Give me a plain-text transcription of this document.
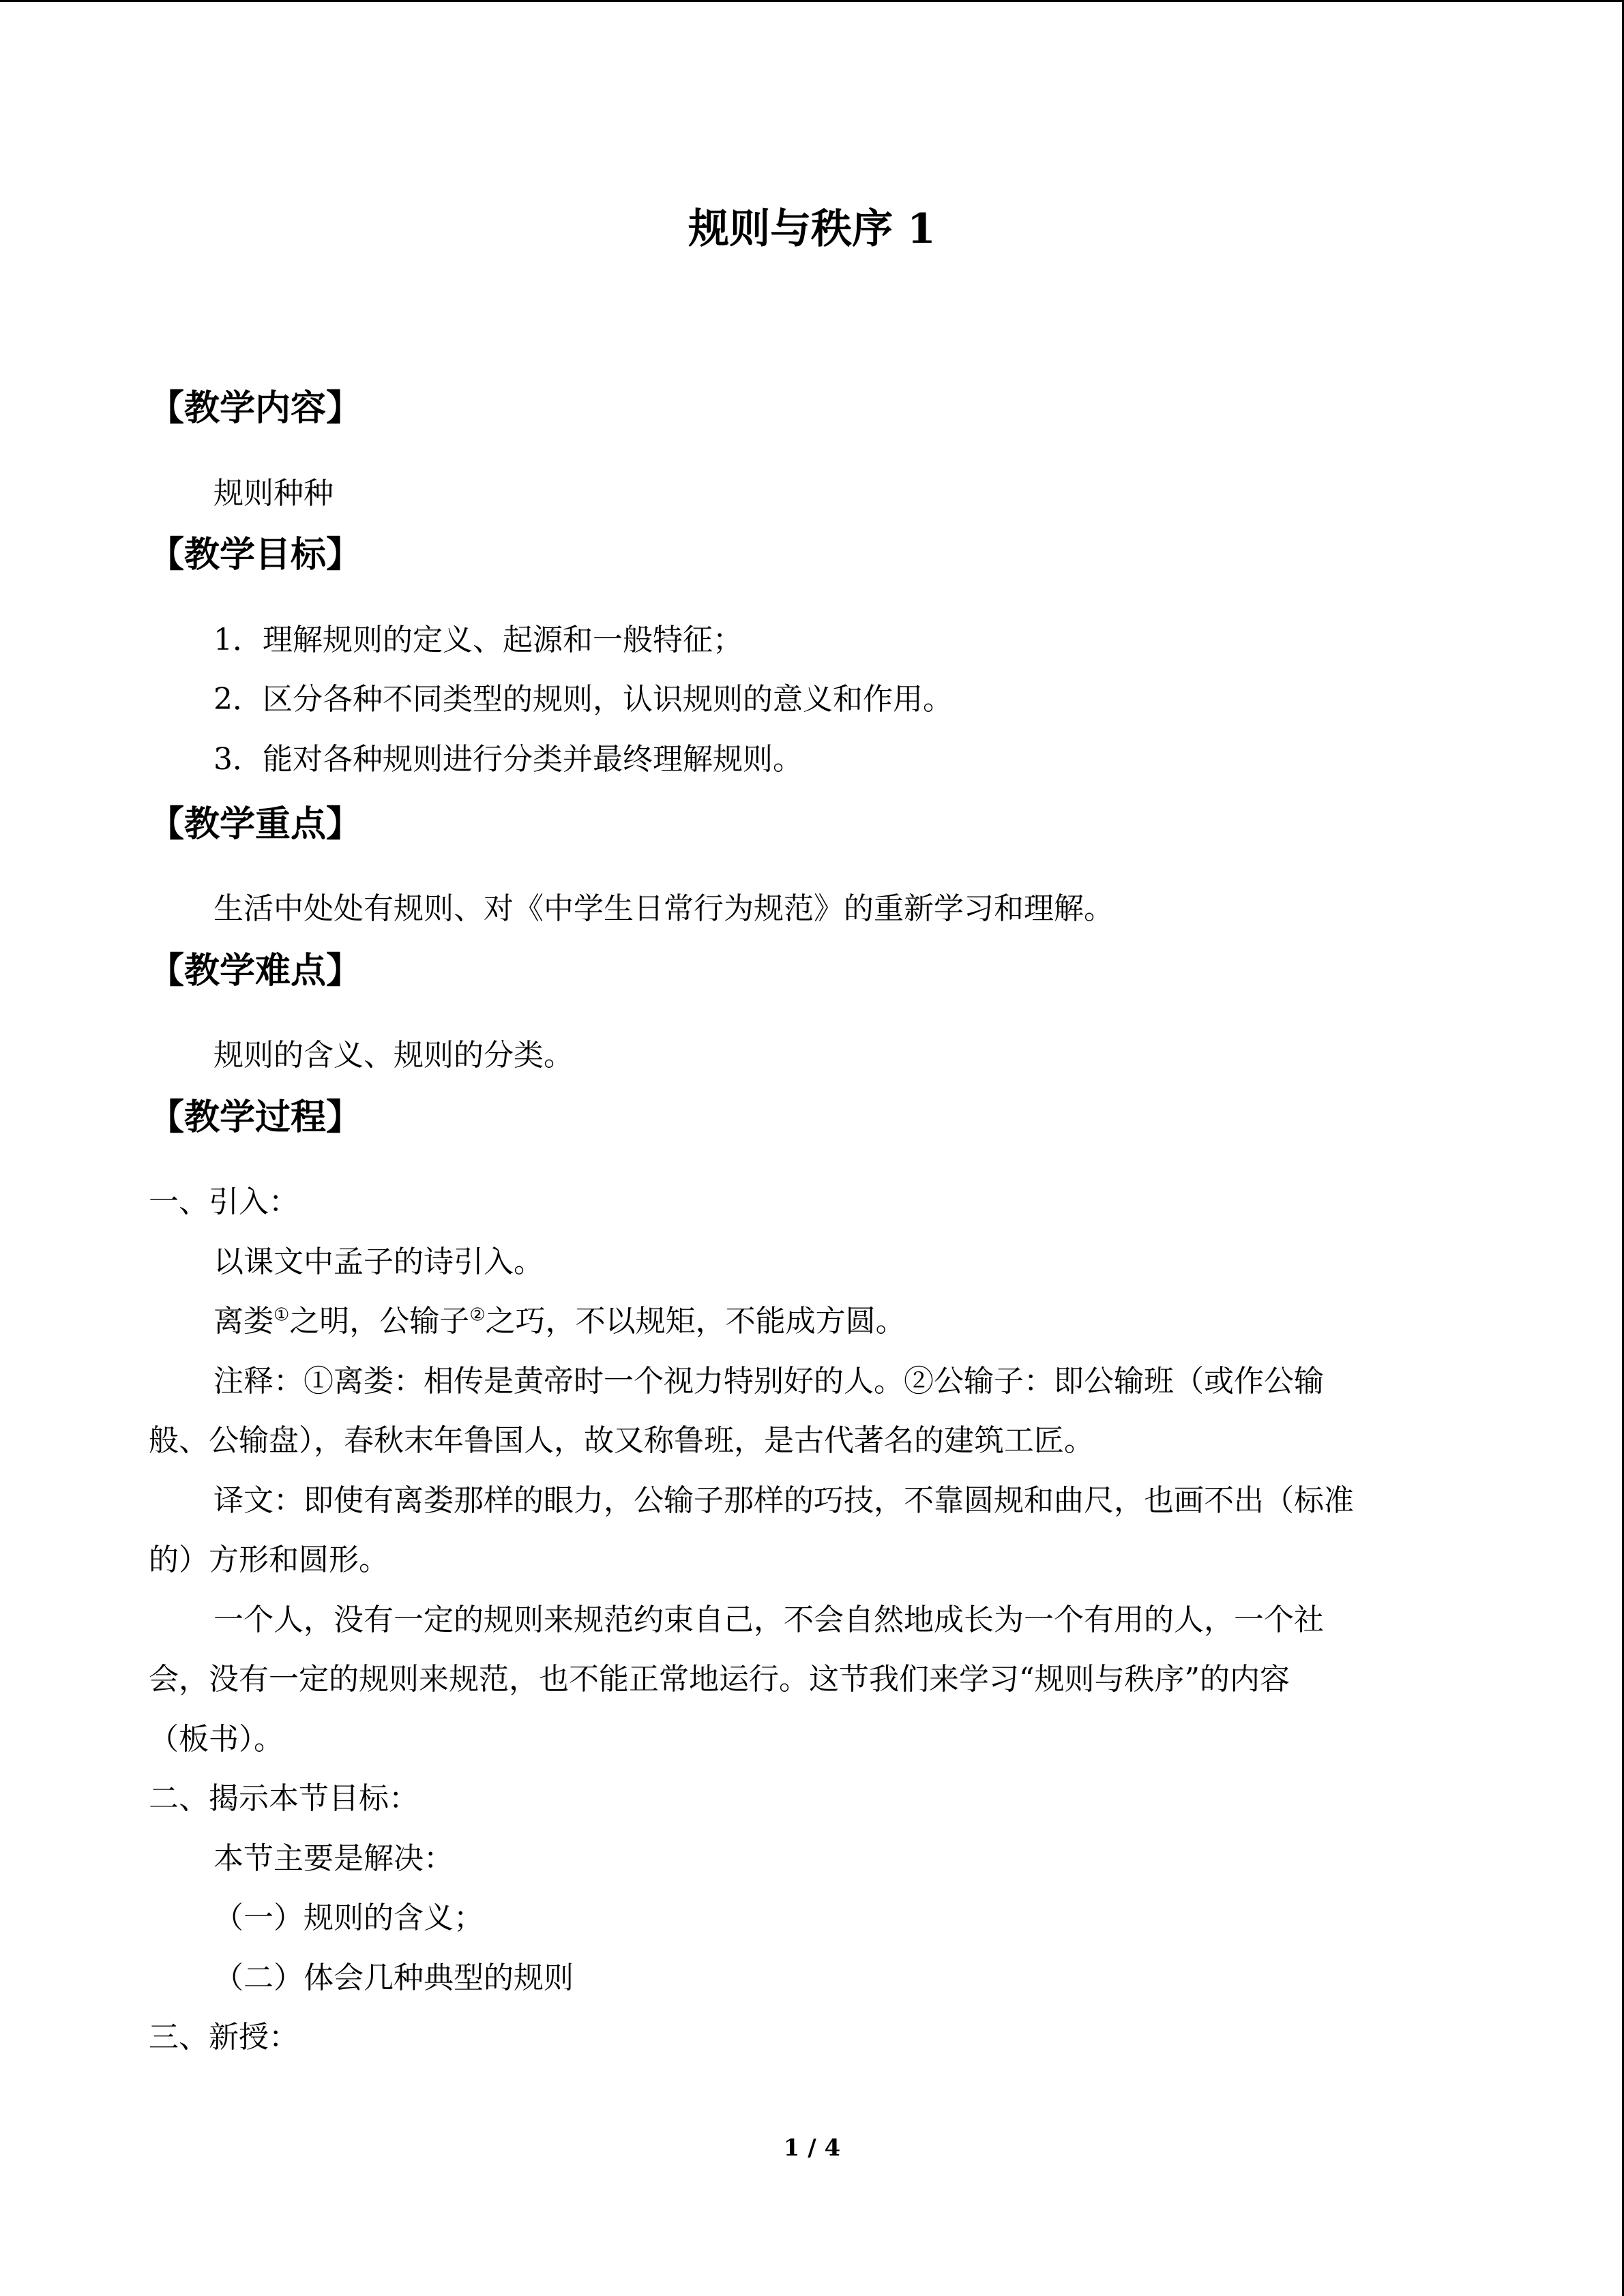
规则与秩序 1
【教学内容】
规则种种
【教学目标】
1．理解规则的定义、起源和一般特征；
2．区分各种不同类型的规则，认识规则的意义和作用。
3．能对各种规则进行分类并最终理解规则。
【教学重点】
生活中处处有规则、对《中学生日常行为规范》的重新学习和理解。
【教学难点】
规则的含义、规则的分类。
【教学过程】
一、引入：
以课文中孟子的诗引入。
离娄①之明，公输子②之巧，不以规矩，不能成方圆。
注释：①离娄：相传是黄帝时一个视力特别好的人。②公输子：即公输班（或作公输
般、公输盘），春秋末年鲁国人，故又称鲁班，是古代著名的建筑工匠。
译文：即使有离娄那样的眼力，公输子那样的巧技，不靠圆规和曲尺，也画不出（标准
的）方形和圆形。
一个人，没有一定的规则来规范约束自己，不会自然地成长为一个有用的人，一个社
会，没有一定的规则来规范，也不能正常地运行。这节我们来学习“规则与秩序”的内容
（板书）。
二、揭示本节目标：
本节主要是解决：
（一）规则的含义；
（二）体会几种典型的规则
三、新授：
1 / 4
